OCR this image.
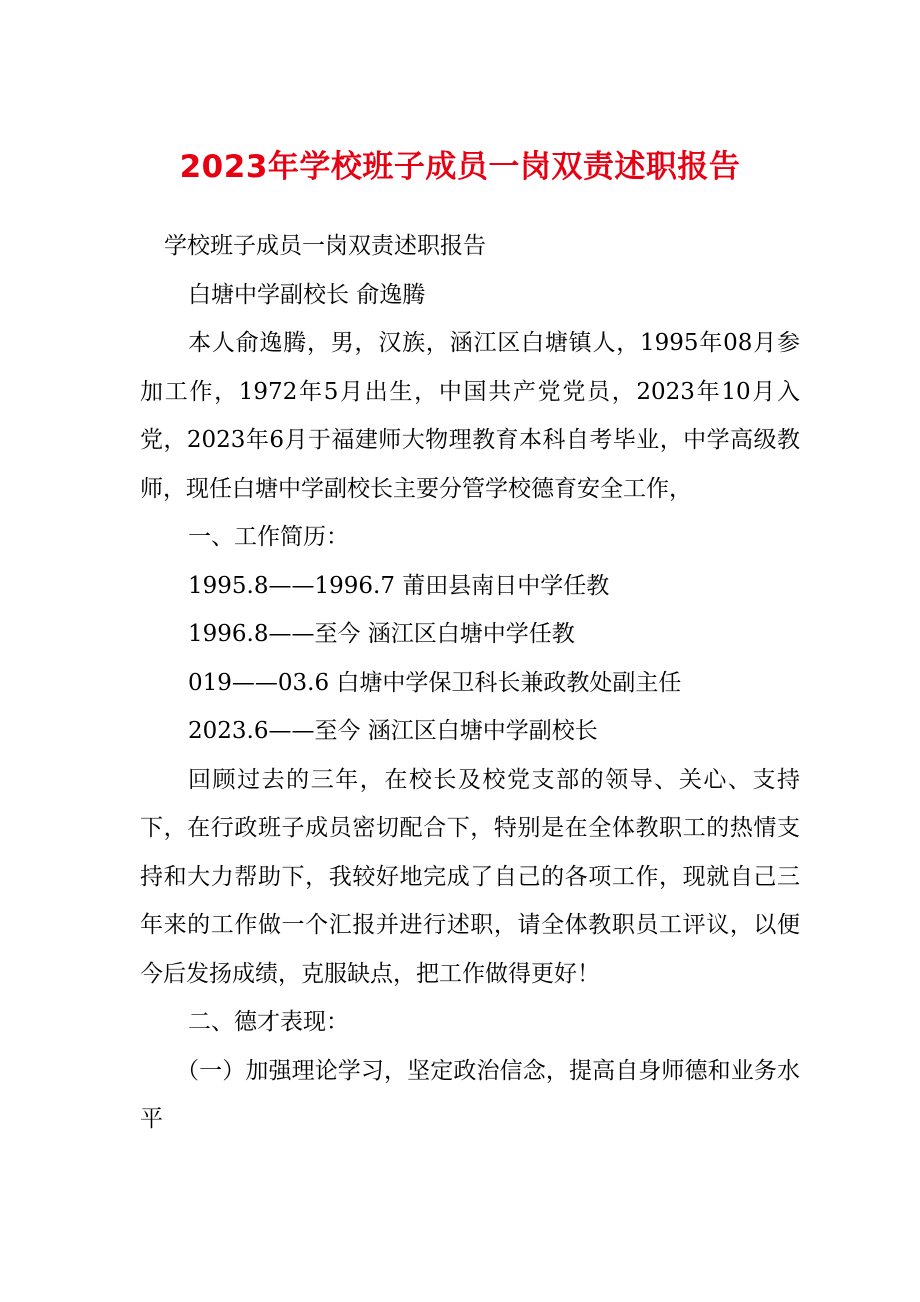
2023年学校班子成员一岗双责述职报告

学校班子成员一岗双责述职报告

白塘中学副校长 俞逸腾

本人俞逸腾，男，汉族，涵江区白塘镇人，1995年08月参加工作，1972年5月出生，中国共产党党员，2023年10月入党，2023年6月于福建师大物理教育本科自考毕业，中学高级教师，现任白塘中学副校长主要分管学校德育安全工作，

一、工作简历：

1995.8——1996.7 莆田县南日中学任教

1996.8——至今 涵江区白塘中学任教

019——03.6 白塘中学保卫科长兼政教处副主任

2023.6——至今 涵江区白塘中学副校长

回顾过去的三年，在校长及校党支部的领导、关心、支持下，在行政班子成员密切配合下，特别是在全体教职工的热情支持和大力帮助下，我较好地完成了自己的各项工作，现就自己三年来的工作做一个汇报并进行述职，请全体教职员工评议，以便今后发扬成绩，克服缺点，把工作做得更好！

二、德才表现：

（一）加强理论学习，坚定政治信念，提高自身师德和业务水平
